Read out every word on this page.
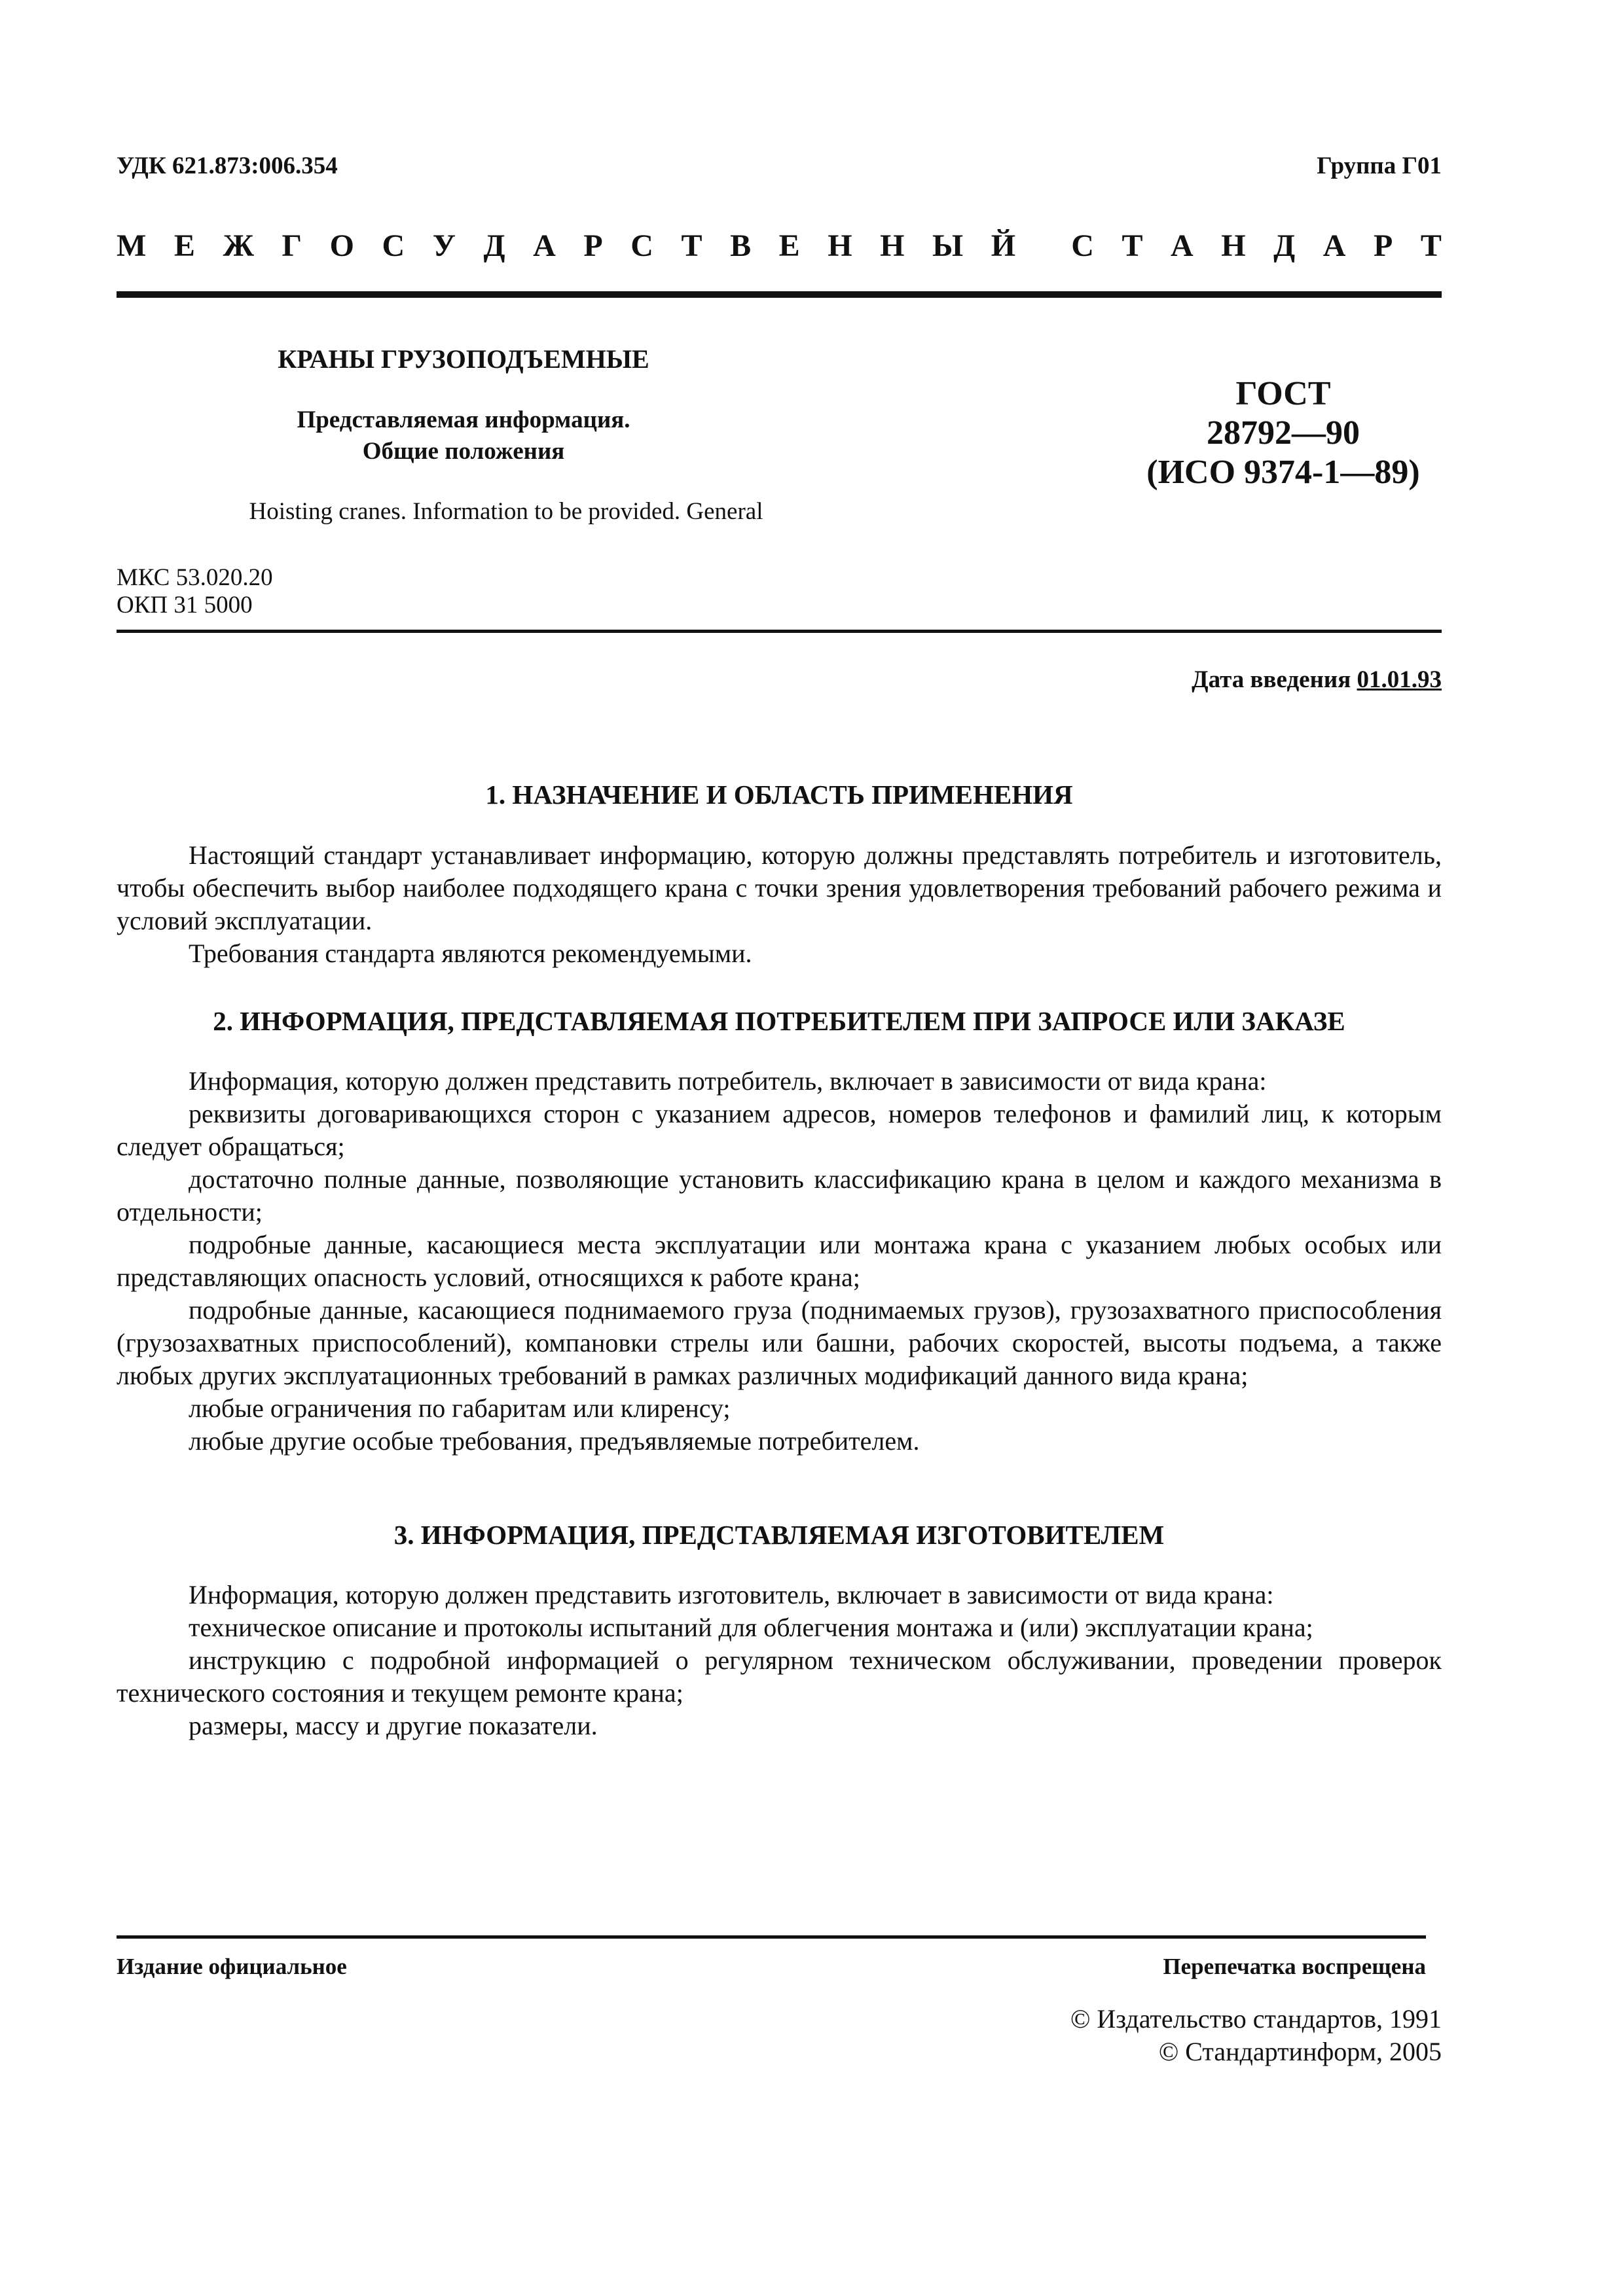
УДК 621.873:006.354	Группа Г01
М Е Ж Г О С У Д А Р С Т В Е Н Н Ы Й С Т А Н Д А Р Т
КРАНЫ ГРУЗОПОДЪЕМНЫЕ
Представляемая информация.
Общие положения
Hoisting cranes. Information to be provided. General
ГОСТ
28792—90
(ИСО 9374-1—89)
МКС 53.020.20
ОКП 31 5000
Дата введения 01.01.93
1. НАЗНАЧЕНИЕ И ОБЛАСТЬ ПРИМЕНЕНИЯ

Настоящий стандарт устанавливает информацию, которую должны представлять потребитель и изготовитель, чтобы обеспечить выбор наиболее подходящего крана с точки зрения удовлетворения требований рабочего режима и условий эксплуатации.

Требования стандарта являются рекомендуемыми.

2. ИНФОРМАЦИЯ, ПРЕДСТАВЛЯЕМАЯ ПОТРЕБИТЕЛЕМ ПРИ ЗАПРОСЕ ИЛИ ЗАКАЗЕ

Информация, которую должен представить потребитель, включает в зависимости от вида крана:

реквизиты договаривающихся сторон с указанием адресов, номеров телефонов и фамилий лиц, к которым следует обращаться;

достаточно полные данные, позволяющие установить классификацию крана в целом и каждого механизма в отдельности;

подробные данные, касающиеся места эксплуатации или монтажа крана с указанием любых особых или представляющих опасность условий, относящихся к работе крана;

подробные данные, касающиеся поднимаемого груза (поднимаемых грузов), грузозахватного приспособления (грузозахватных приспособлений), компановки стрелы или башни, рабочих скоростей, высоты подъема, а также любых других эксплуатационных требований в рамках различных модификаций данного вида крана;

любые ограничения по габаритам или клиренсу;

любые другие особые требования, предъявляемые потребителем.

3. ИНФОРМАЦИЯ, ПРЕДСТАВЛЯЕМАЯ ИЗГОТОВИТЕЛЕМ

Информация, которую должен представить изготовитель, включает в зависимости от вида крана:

техническое описание и протоколы испытаний для облегчения монтажа и (или) эксплуатации крана;

инструкцию с подробной информацией о регулярном техническом обслуживании, проведении проверок технического состояния и текущем ремонте крана;

размеры, массу и другие показатели.

Издание официальное	Перепечатка воспрещена
© Издательство стандартов, 1991
© Стандартинформ, 2005
